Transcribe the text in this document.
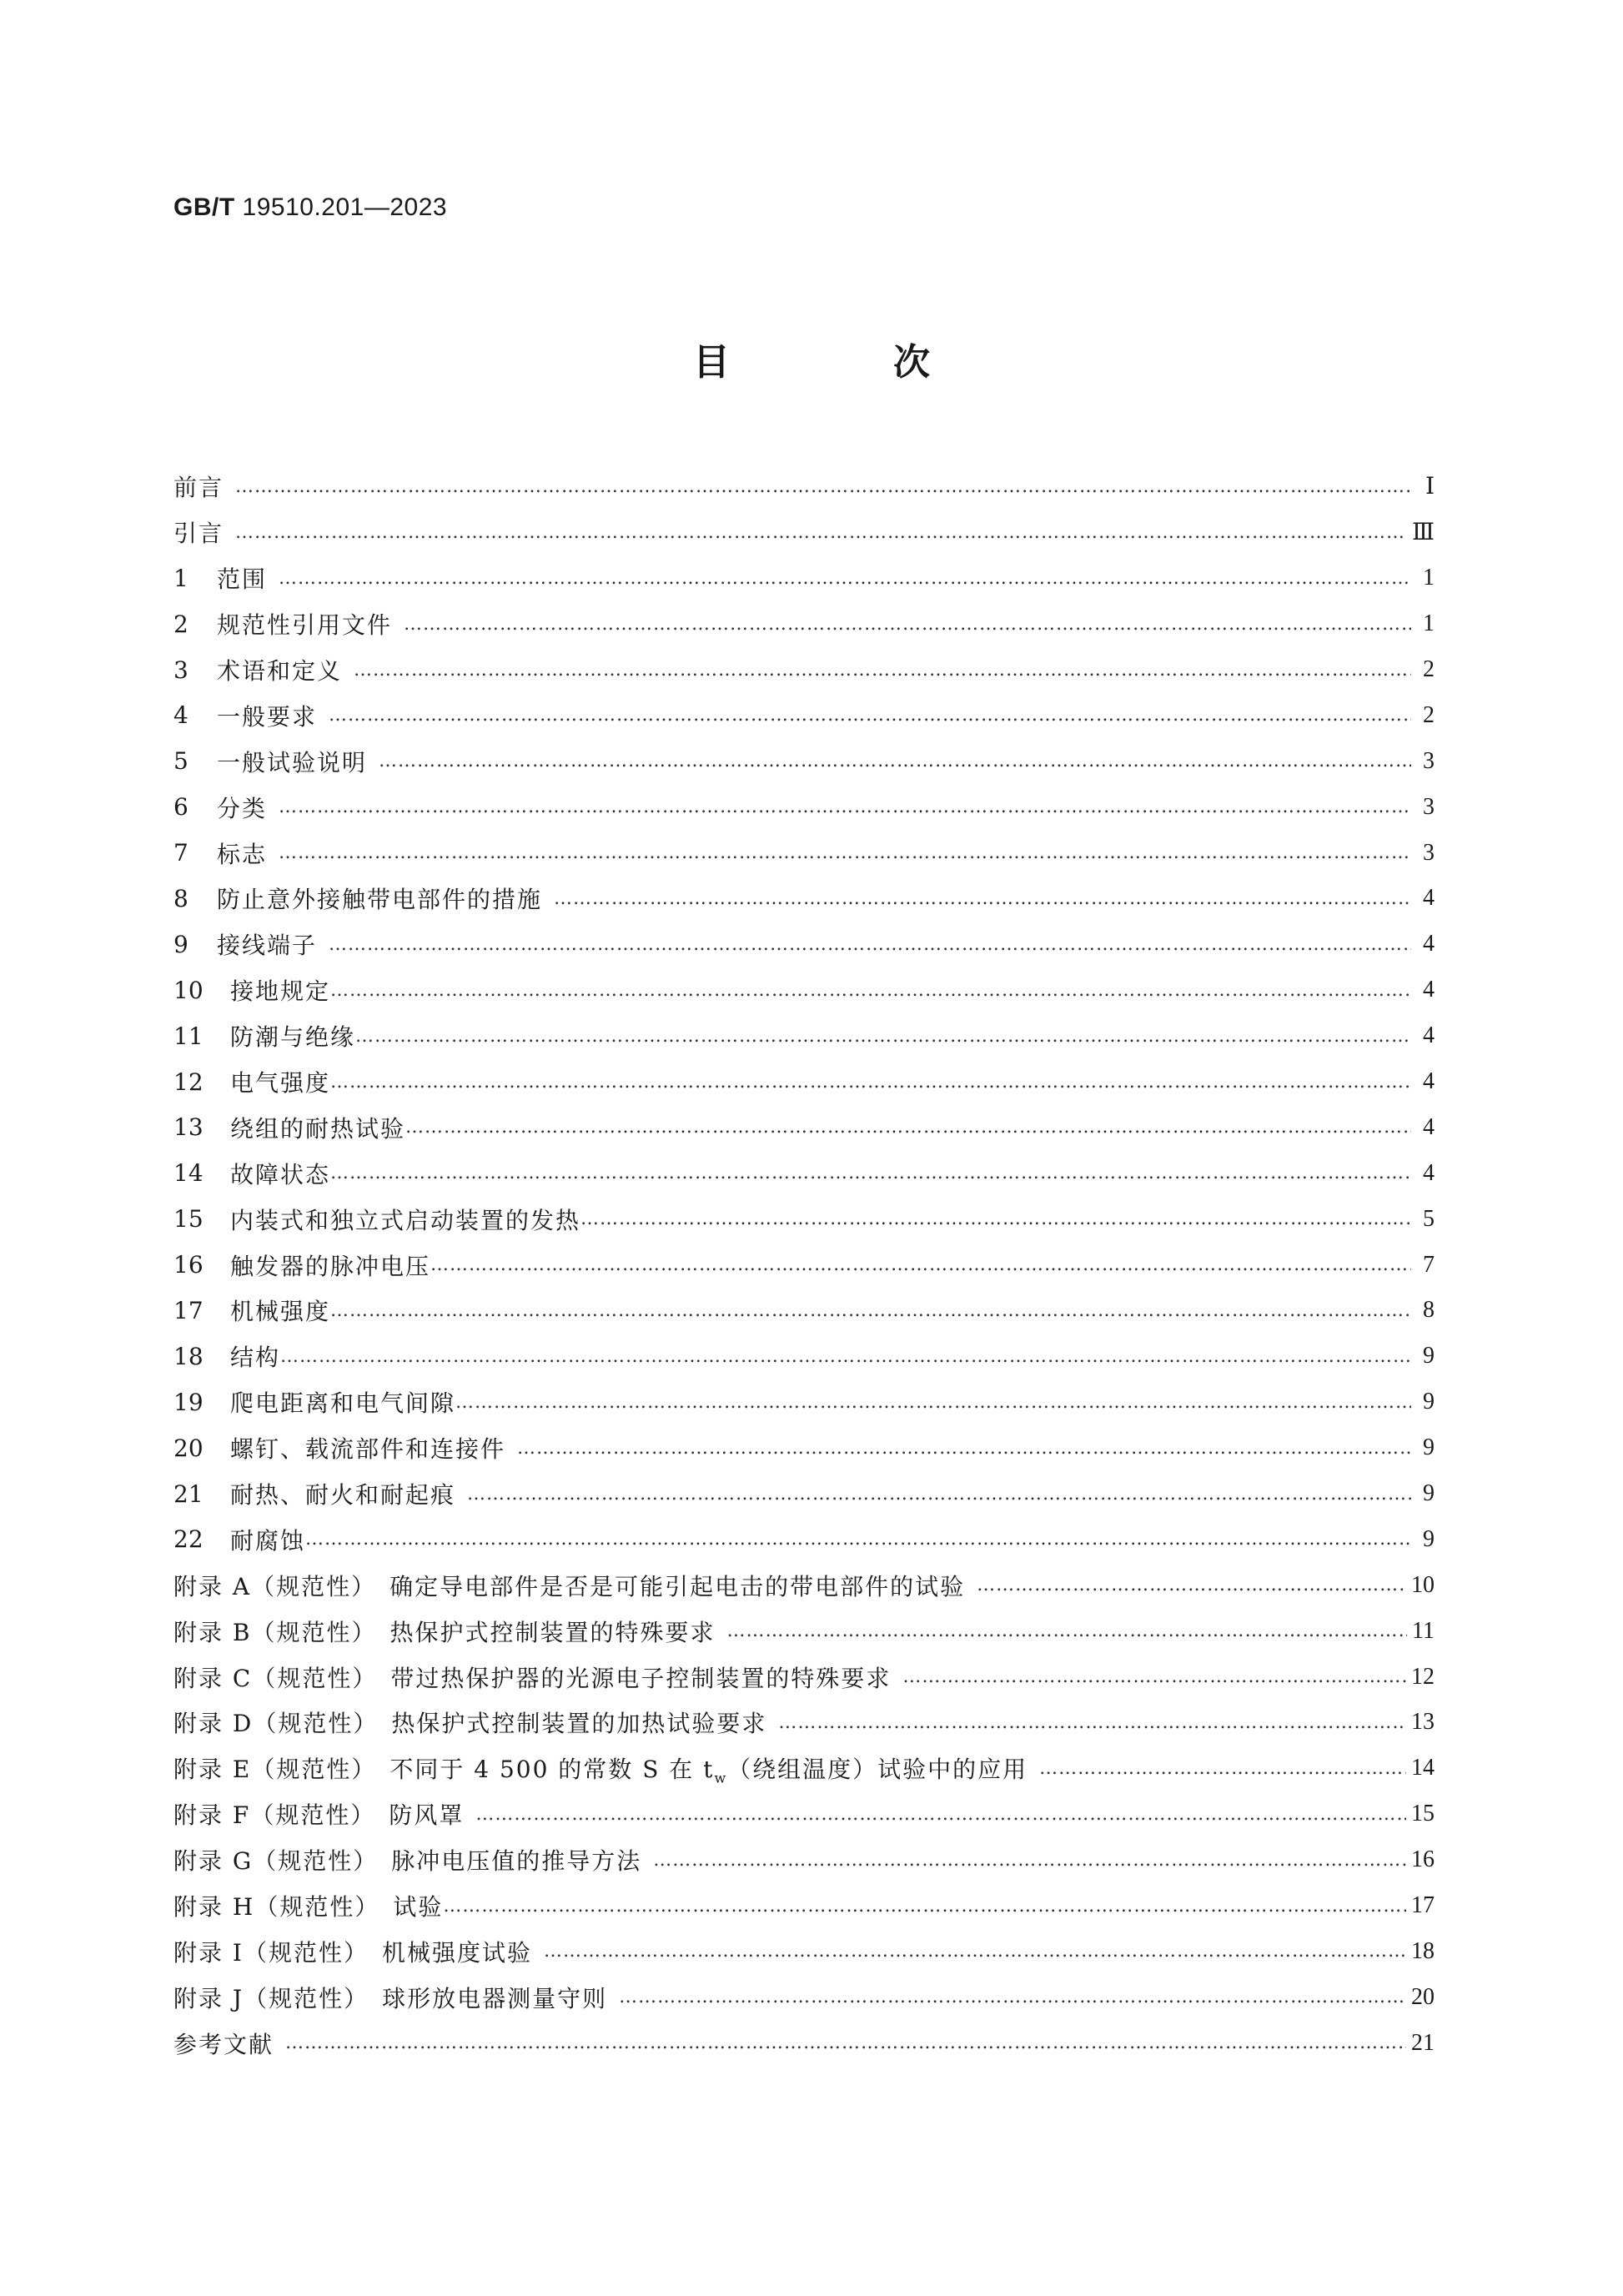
GB/T 19510.201—2023
目　次
前言 ……………………………………………………………………………………………………………………………………………………………………………………………………………………………………………………………………	Ⅰ
引言 ……………………………………………………………………………………………………………………………………………………………………………………………………………………………………………………………………	Ⅲ
1	范围 ……………………………………………………………………………………………………………………………………………………………………………………………………………………………………………………………………	1
2	规范性引用文件 ……………………………………………………………………………………………………………………………………………………………………………………………………………………………………………………………………	1
3	术语和定义 ……………………………………………………………………………………………………………………………………………………………………………………………………………………………………………………………………	2
4	一般要求 ……………………………………………………………………………………………………………………………………………………………………………………………………………………………………………………………………	2
5	一般试验说明 ……………………………………………………………………………………………………………………………………………………………………………………………………………………………………………………………………	3
6	分类 ……………………………………………………………………………………………………………………………………………………………………………………………………………………………………………………………………	3
7	标志 ……………………………………………………………………………………………………………………………………………………………………………………………………………………………………………………………………	3
8	防止意外接触带电部件的措施 ……………………………………………………………………………………………………………………………………………………………………………………………………………………………………………………………………	4
9	接线端子 ……………………………………………………………………………………………………………………………………………………………………………………………………………………………………………………………………	4
10	接地规定 ……………………………………………………………………………………………………………………………………………………………………………………………………………………………………………………………………	4
11	防潮与绝缘 ……………………………………………………………………………………………………………………………………………………………………………………………………………………………………………………………………	4
12	电气强度 ……………………………………………………………………………………………………………………………………………………………………………………………………………………………………………………………………	4
13	绕组的耐热试验 ……………………………………………………………………………………………………………………………………………………………………………………………………………………………………………………………………	4
14	故障状态 ……………………………………………………………………………………………………………………………………………………………………………………………………………………………………………………………………	4
15	内装式和独立式启动装置的发热 ……………………………………………………………………………………………………………………………………………………………………………………………………………………………………………………………………	5
16	触发器的脉冲电压 ……………………………………………………………………………………………………………………………………………………………………………………………………………………………………………………………………	7
17	机械强度 ……………………………………………………………………………………………………………………………………………………………………………………………………………………………………………………………………	8
18	结构 ……………………………………………………………………………………………………………………………………………………………………………………………………………………………………………………………………	9
19	爬电距离和电气间隙 ……………………………………………………………………………………………………………………………………………………………………………………………………………………………………………………………………	9
20	螺钉、载流部件和连接件 ……………………………………………………………………………………………………………………………………………………………………………………………………………………………………………………………………	9
21	耐热、耐火和耐起痕 ……………………………………………………………………………………………………………………………………………………………………………………………………………………………………………………………………	9
22	耐腐蚀 ……………………………………………………………………………………………………………………………………………………………………………………………………………………………………………………………………	9
附录 A（规范性）　确定导电部件是否是可能引起电击的带电部件的试验 ……………………………………………………………………………………………………………………………………………………………………………………………………………………………………………………………………	10
附录 B（规范性）　热保护式控制装置的特殊要求 ……………………………………………………………………………………………………………………………………………………………………………………………………………………………………………………………………	11
附录 C（规范性）　带过热保护器的光源电子控制装置的特殊要求 ……………………………………………………………………………………………………………………………………………………………………………………………………………………………………………………………………	12
附录 D（规范性）　热保护式控制装置的加热试验要求 ……………………………………………………………………………………………………………………………………………………………………………………………………………………………………………………………………	13
附录 E（规范性）　不同于 4 500 的常数 S 在 $t_w$（绕组温度）试验中的应用 ……………………………………………………………………………………………………………………………………………………………………………………………………………………………………………………………………	14
附录 F（规范性）　防风罩 ……………………………………………………………………………………………………………………………………………………………………………………………………………………………………………………………………	15
附录 G（规范性）　脉冲电压值的推导方法 ……………………………………………………………………………………………………………………………………………………………………………………………………………………………………………………………………	16
附录 H（规范性）　试验 ……………………………………………………………………………………………………………………………………………………………………………………………………………………………………………………………………	17
附录 I（规范性）　机械强度试验 ……………………………………………………………………………………………………………………………………………………………………………………………………………………………………………………………………	18
附录 J（规范性）　球形放电器测量守则 ……………………………………………………………………………………………………………………………………………………………………………………………………………………………………………………………………	20
参考文献 ……………………………………………………………………………………………………………………………………………………………………………………………………………………………………………………………………	21
